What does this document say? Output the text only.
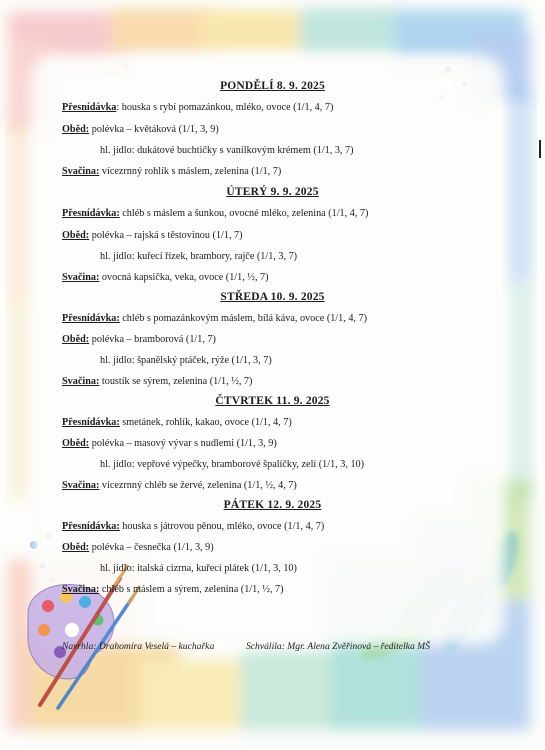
PONDĚLÍ 8. 9. 2025
Přesnídávka: houska s rybí pomazánkou, mléko, ovoce (1/1, 4, 7)
Oběd: polévka – květáková (1/1, 3, 9)
hl. jídlo: dukátové buchtičky s vanilkovým krémem (1/1, 3, 7)
Svačina: vícezrnný rohlík s máslem, zelenina (1/1, 7)
ÚTERÝ 9. 9. 2025
Přesnídávka: chléb s máslem a šunkou, ovocné mléko, zelenina (1/1, 4, 7)
Oběd: polévka – rajská s těstovinou (1/1, 7)
hl. jídlo: kuřecí řízek, brambory, rajče (1/1, 3, 7)
Svačina: ovocná kapsička, veka, ovoce (1/1, ½, 7)
STŘEDA 10. 9. 2025
Přesnídávka: chléb s pomazánkovým máslem, bílá káva, ovoce (1/1, 4, 7)
Oběd: polévka – bramborová (1/1, 7)
hl. jídlo: španělský ptáček, rýže (1/1, 3, 7)
Svačina: toustík se sýrem, zelenina (1/1, ½, 7)
ČTVRTEK 11. 9. 2025
Přesnídávka: smetánek, rohlík, kakao, ovoce (1/1, 4, 7)
Oběd: polévka – masový vývar s nudlemi (1/1, 3, 9)
hl. jídlo: vepřové výpečky, bramborové špalíčky, zelí (1/1, 3, 10)
Svačina: vícezrnný chléb se žervé, zelenina (1/1, ½, 4, 7)
PÁTEK 12. 9. 2025
Přesnídávka: houska s játrovou pěnou, mléko, ovoce (1/1, 4, 7)
Oběd: polévka – česnečka (1/1, 3, 9)
hl. jídlo: italská cizrna, kuřecí plátek (1/1, 3, 10)
Svačina: chléb s máslem a sýrem, zelenina (1/1, ½, 7)
Navrhla: Drahomíra Veselá – kuchařka	Schválila: Mgr. Alena Zvěřinová – ředitelka MŠ
